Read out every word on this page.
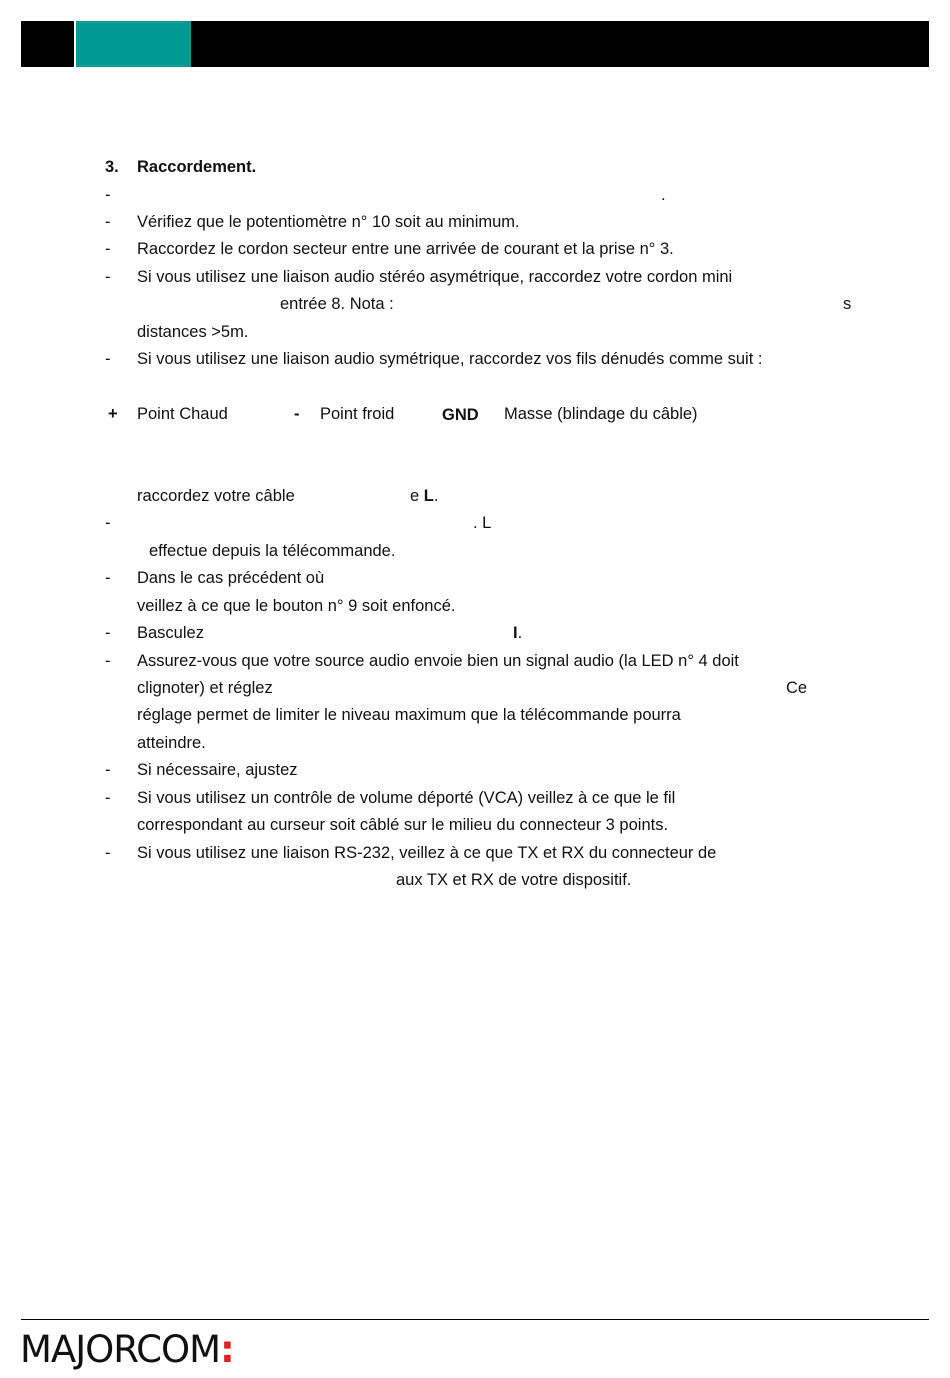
3. Raccordement.
-	.
- Vérifiez que le potentiomètre n° 10 soit au minimum.
- Raccordez le cordon secteur entre une arrivée de courant et la prise n° 3.
- Si vous utilisez une liaison audio stéréo asymétrique, raccordez votre cordon mini
entrée 8. Nota :	s
distances >5m.
- Si vous utilisez une liaison audio symétrique, raccordez vos fils dénudés comme suit :
+ Point Chaud	- Point froid	GND Masse (blindage du câble)
raccordez votre câble	e L.
-	. L
effectue depuis la télécommande.
- Dans le cas précédent où
veillez à ce que le bouton n° 9 soit enfoncé.
- Basculez	I.
- Assurez-vous que votre source audio envoie bien un signal audio (la LED n° 4 doit
clignoter) et réglez	Ce
réglage permet de limiter le niveau maximum que la télécommande pourra
atteindre.
- Si nécessaire, ajustez
- Si vous utilisez un contrôle de volume déporté (VCA) veillez à ce que le fil
correspondant au curseur soit câblé sur le milieu du connecteur 3 points.
- Si vous utilisez une liaison RS-232, veillez à ce que TX et RX du connecteur de
aux TX et RX de votre dispositif.
MAJORCOM:
